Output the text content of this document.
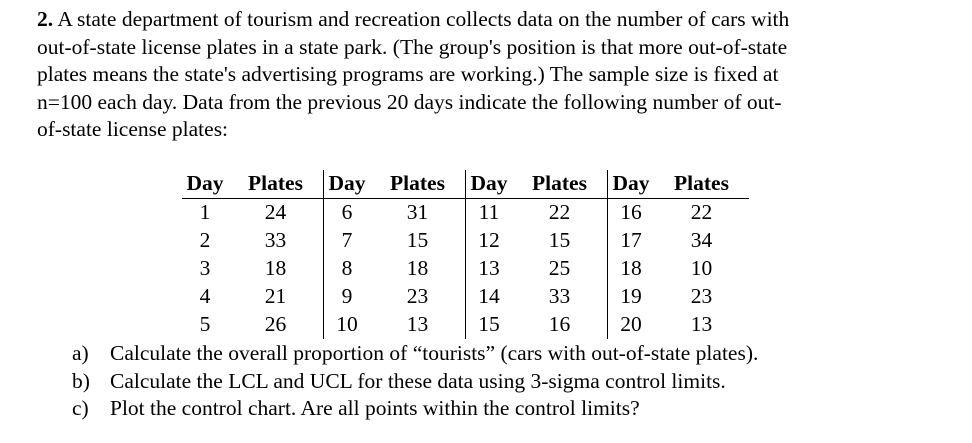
2. A state department of tourism and recreation collects data on the number of cars with
out-of-state license plates in a state park. (The group's position is that more out-of-state
plates means the state's advertising programs are working.) The sample size is fixed at
n=100 each day. Data from the previous 20 days indicate the following number of out-
of-state license plates:
Day	Plates	Day	Plates	Day	Plates	Day	Plates
1	24	6	31	11	22	16	22
2	33	7	15	12	15	17	34
3	18	8	18	13	25	18	10
4	21	9	23	14	33	19	23
5	26	10	13	15	16	20	13
a) Calculate the overall proportion of “tourists” (cars with out-of-state plates).
b) Calculate the LCL and UCL for these data using 3-sigma control limits.
c) Plot the control chart. Are all points within the control limits?
